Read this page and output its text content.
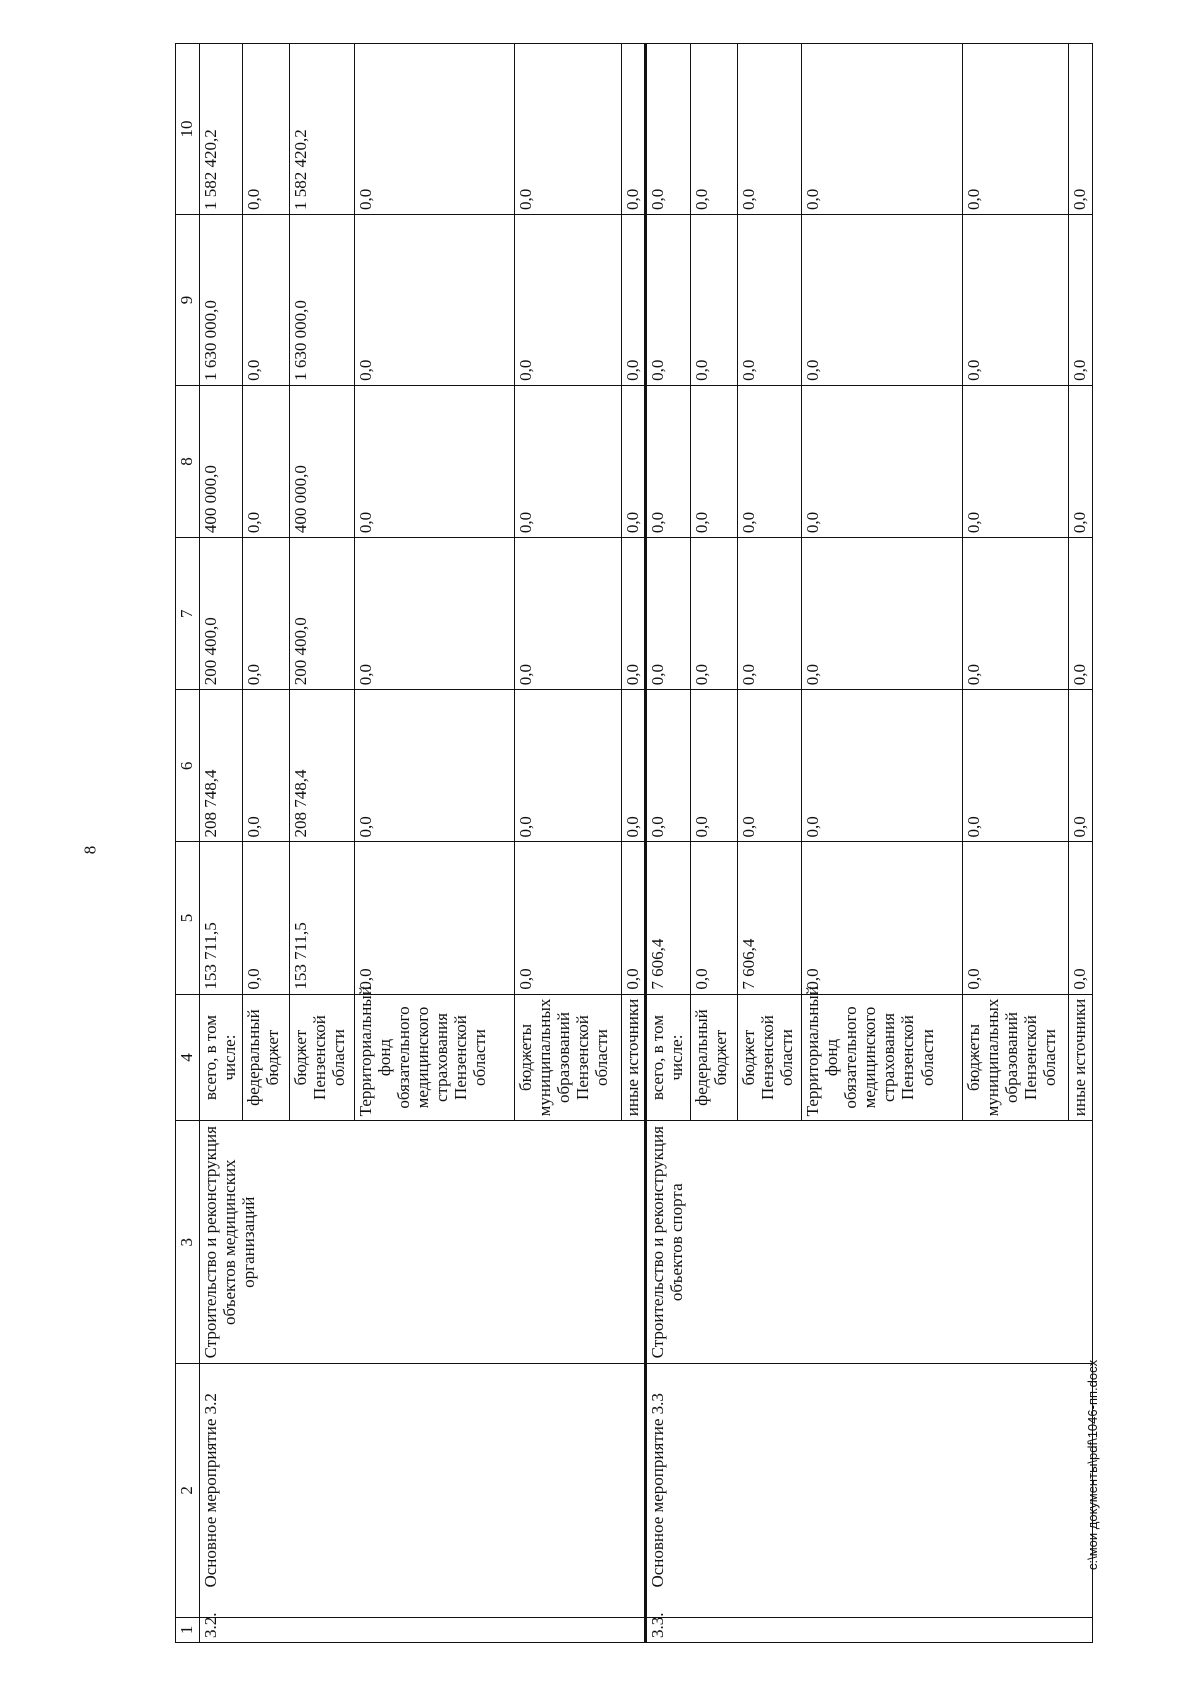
8
1	2	3	4	5	6	7	8	9	10
3.2.	Основное мероприятие 3.2	Строительство и реконструкция объектов медицинских организаций	всего, в том числе:	153 711,5	208 748,4	200 400,0	400 000,0	1 630 000,0	1 582 420,2
			федеральный бюджет	0,0	0,0	0,0	0,0	0,0	0,0
			бюджет Пензенской области	153 711,5	208 748,4	200 400,0	400 000,0	1 630 000,0	1 582 420,2
			Территориальный фонд обязательного медицинского страхования Пензенской области	0,0	0,0	0,0	0,0	0,0	0,0
			бюджеты муниципальных образований Пензенской области	0,0	0,0	0,0	0,0	0,0	0,0
			иные источники	0,0	0,0	0,0	0,0	0,0	0,0
3.3.	Основное мероприятие 3.3	Строительство и реконструкция объектов спорта	всего, в том числе:	7 606,4	0,0	0,0	0,0	0,0	0,0
			федеральный бюджет	0,0	0,0	0,0	0,0	0,0	0,0
			бюджет Пензенской области	7 606,4	0,0	0,0	0,0	0,0	0,0
			Территориальный фонд обязательного медицинского страхования Пензенской области	0,0	0,0	0,0	0,0	0,0	0,0
			бюджеты муниципальных образований Пензенской области	0,0	0,0	0,0	0,0	0,0	0,0
			иные источники	0,0	0,0	0,0	0,0	0,0	0,0
c:\мои документы\pdf\1046-пп.docx
